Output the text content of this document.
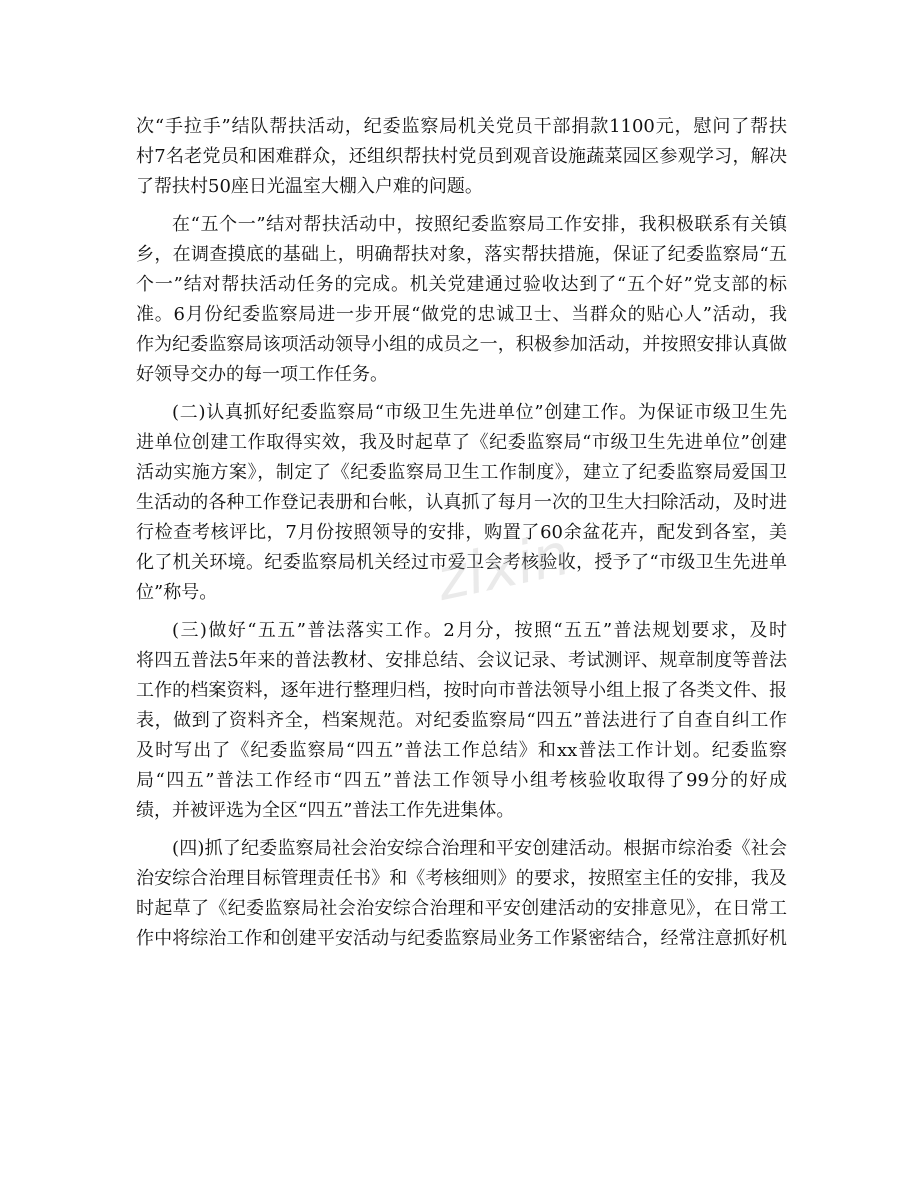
次“手拉手”结队帮扶活动，纪委监察局机关党员干部捐款1100元，慰问了帮扶
村7名老党员和困难群众，还组织帮扶村党员到观音设施蔬菜园区参观学习，解决
了帮扶村50座日光温室大棚入户难的问题。
在“五个一”结对帮扶活动中，按照纪委监察局工作安排，我积极联系有关镇
乡，在调查摸底的基础上，明确帮扶对象，落实帮扶措施，保证了纪委监察局“五
个一”结对帮扶活动任务的完成。机关党建通过验收达到了“五个好”党支部的标
准。6月份纪委监察局进一步开展“做党的忠诚卫士、当群众的贴心人”活动，我
作为纪委监察局该项活动领导小组的成员之一，积极参加活动，并按照安排认真做
好领导交办的每一项工作任务。
(二)认真抓好纪委监察局“市级卫生先进单位”创建工作。为保证市级卫生先
进单位创建工作取得实效，我及时起草了《纪委监察局“市级卫生先进单位”创建
活动实施方案》，制定了《纪委监察局卫生工作制度》，建立了纪委监察局爱国卫
生活动的各种工作登记表册和台帐，认真抓了每月一次的卫生大扫除活动，及时进
行检查考核评比，7月份按照领导的安排，购置了60余盆花卉，配发到各室，美
化了机关环境。纪委监察局机关经过市爱卫会考核验收，授予了“市级卫生先进单
位”称号。
(三)做好“五五”普法落实工作。2月分，按照“五五”普法规划要求，及时
将四五普法5年来的普法教材、安排总结、会议记录、考试测评、规章制度等普法
工作的档案资料，逐年进行整理归档，按时向市普法领导小组上报了各类文件、报
表，做到了资料齐全，档案规范。对纪委监察局“四五”普法进行了自查自纠工作
及时写出了《纪委监察局“四五”普法工作总结》和xx普法工作计划。纪委监察
局“四五”普法工作经市“四五”普法工作领导小组考核验收取得了99分的好成
绩，并被评选为全区“四五”普法工作先进集体。
(四)抓了纪委监察局社会治安综合治理和平安创建活动。根据市综治委《社会
治安综合治理目标管理责任书》和《考核细则》的要求，按照室主任的安排，我及
时起草了《纪委监察局社会治安综合治理和平安创建活动的安排意见》，在日常工
作中将综治工作和创建平安活动与纪委监察局业务工作紧密结合，经常注意抓好机
zixin
